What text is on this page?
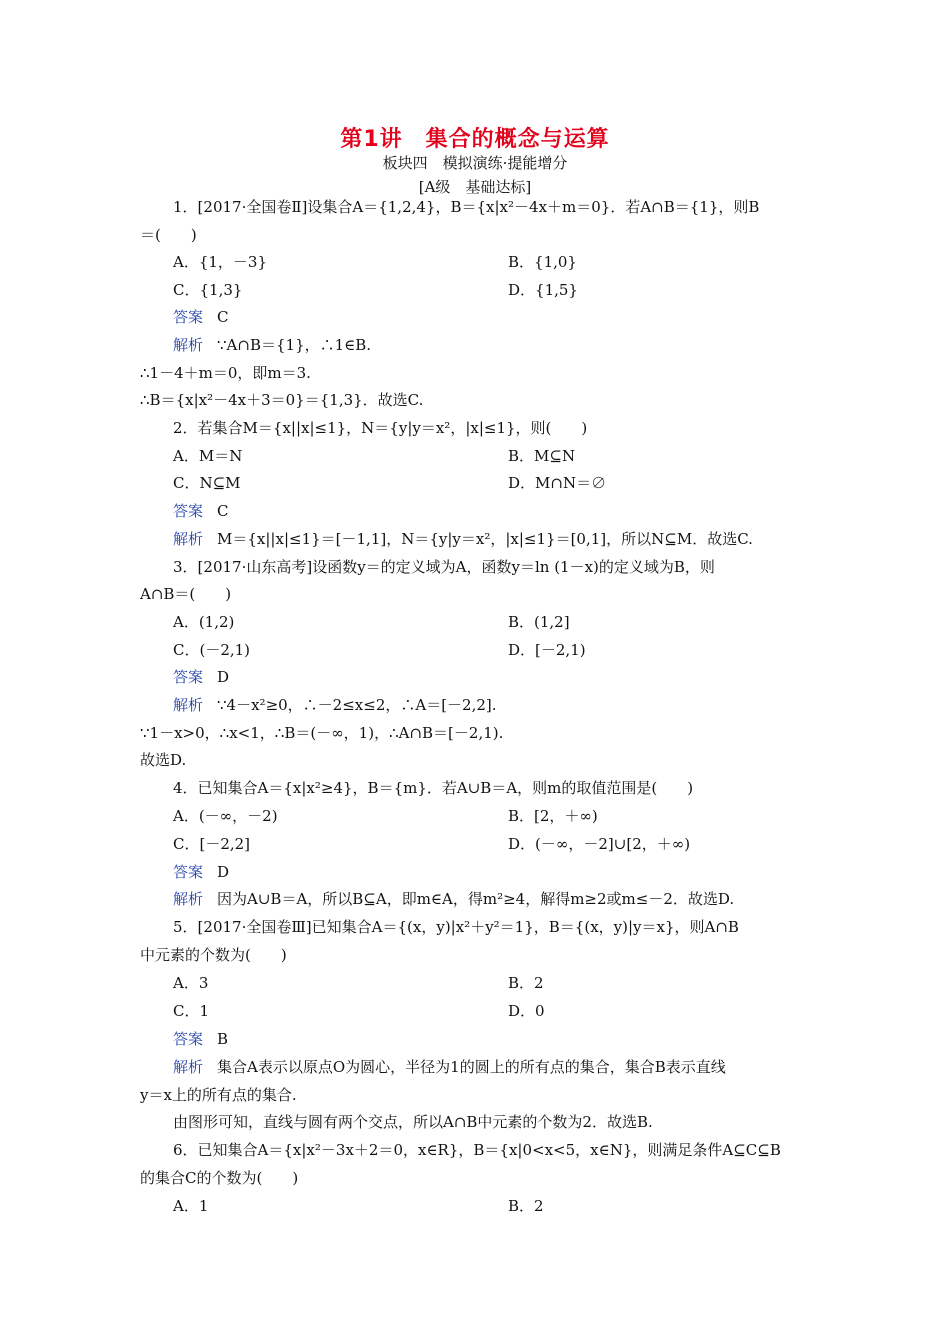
第1讲　集合的概念与运算
板块四　模拟演练·提能增分
[A级　基础达标]
1．[2017·全国卷Ⅱ]设集合A＝{1,2,4}，B＝{x|x²－4x＋m＝0}．若A∩B＝{1}，则B
＝(　　)
A．{1，－3}	B．{1,0}
C．{1,3}	D．{1,5}
答案 C
解析 ∵A∩B＝{1}，∴1∈B.
∴1－4＋m＝0，即m＝3.
∴B＝{x|x²－4x＋3＝0}＝{1,3}．故选C.
2．若集合M＝{x||x|≤1}，N＝{y|y＝x²，|x|≤1}，则(　　)
A．M＝N	B．M⊆N
C．N⊆M	D．M∩N＝∅
答案 C
解析 M＝{x||x|≤1}＝[－1,1]，N＝{y|y＝x²，|x|≤1}＝[0,1]，所以N⊆M．故选C.
3．[2017·山东高考]设函数y＝的定义域为A，函数y＝ln (1－x)的定义域为B，则
A∩B＝(　　)
A．(1,2)	B．(1,2]
C．(－2,1)	D．[－2,1)
答案 D
解析 ∵4－x²≥0，∴－2≤x≤2，∴A＝[－2,2].
∵1－x>0，∴x<1，∴B＝(－∞，1)，∴A∩B＝[－2,1).
故选D.
4．已知集合A＝{x|x²≥4}，B＝{m}．若A∪B＝A，则m的取值范围是(　　)
A．(－∞，－2)	B．[2，＋∞)
C．[－2,2]	D．(－∞，－2]∪[2，＋∞)
答案 D
解析 因为A∪B＝A，所以B⊆A，即m∈A，得m²≥4，解得m≥2或m≤－2．故选D.
5．[2017·全国卷Ⅲ]已知集合A＝{(x，y)|x²＋y²＝1}，B＝{(x，y)|y＝x}，则A∩B
中元素的个数为(　　)
A．3	B．2
C．1	D．0
答案 B
解析 集合A表示以原点O为圆心，半径为1的圆上的所有点的集合，集合B表示直线
y＝x上的所有点的集合.
由图形可知，直线与圆有两个交点，所以A∩B中元素的个数为2．故选B.
6．已知集合A＝{x|x²－3x＋2＝0，x∈R}，B＝{x|0<x<5，x∈N}，则满足条件A⊆C⊆B
的集合C的个数为(　　)
A．1	B．2
